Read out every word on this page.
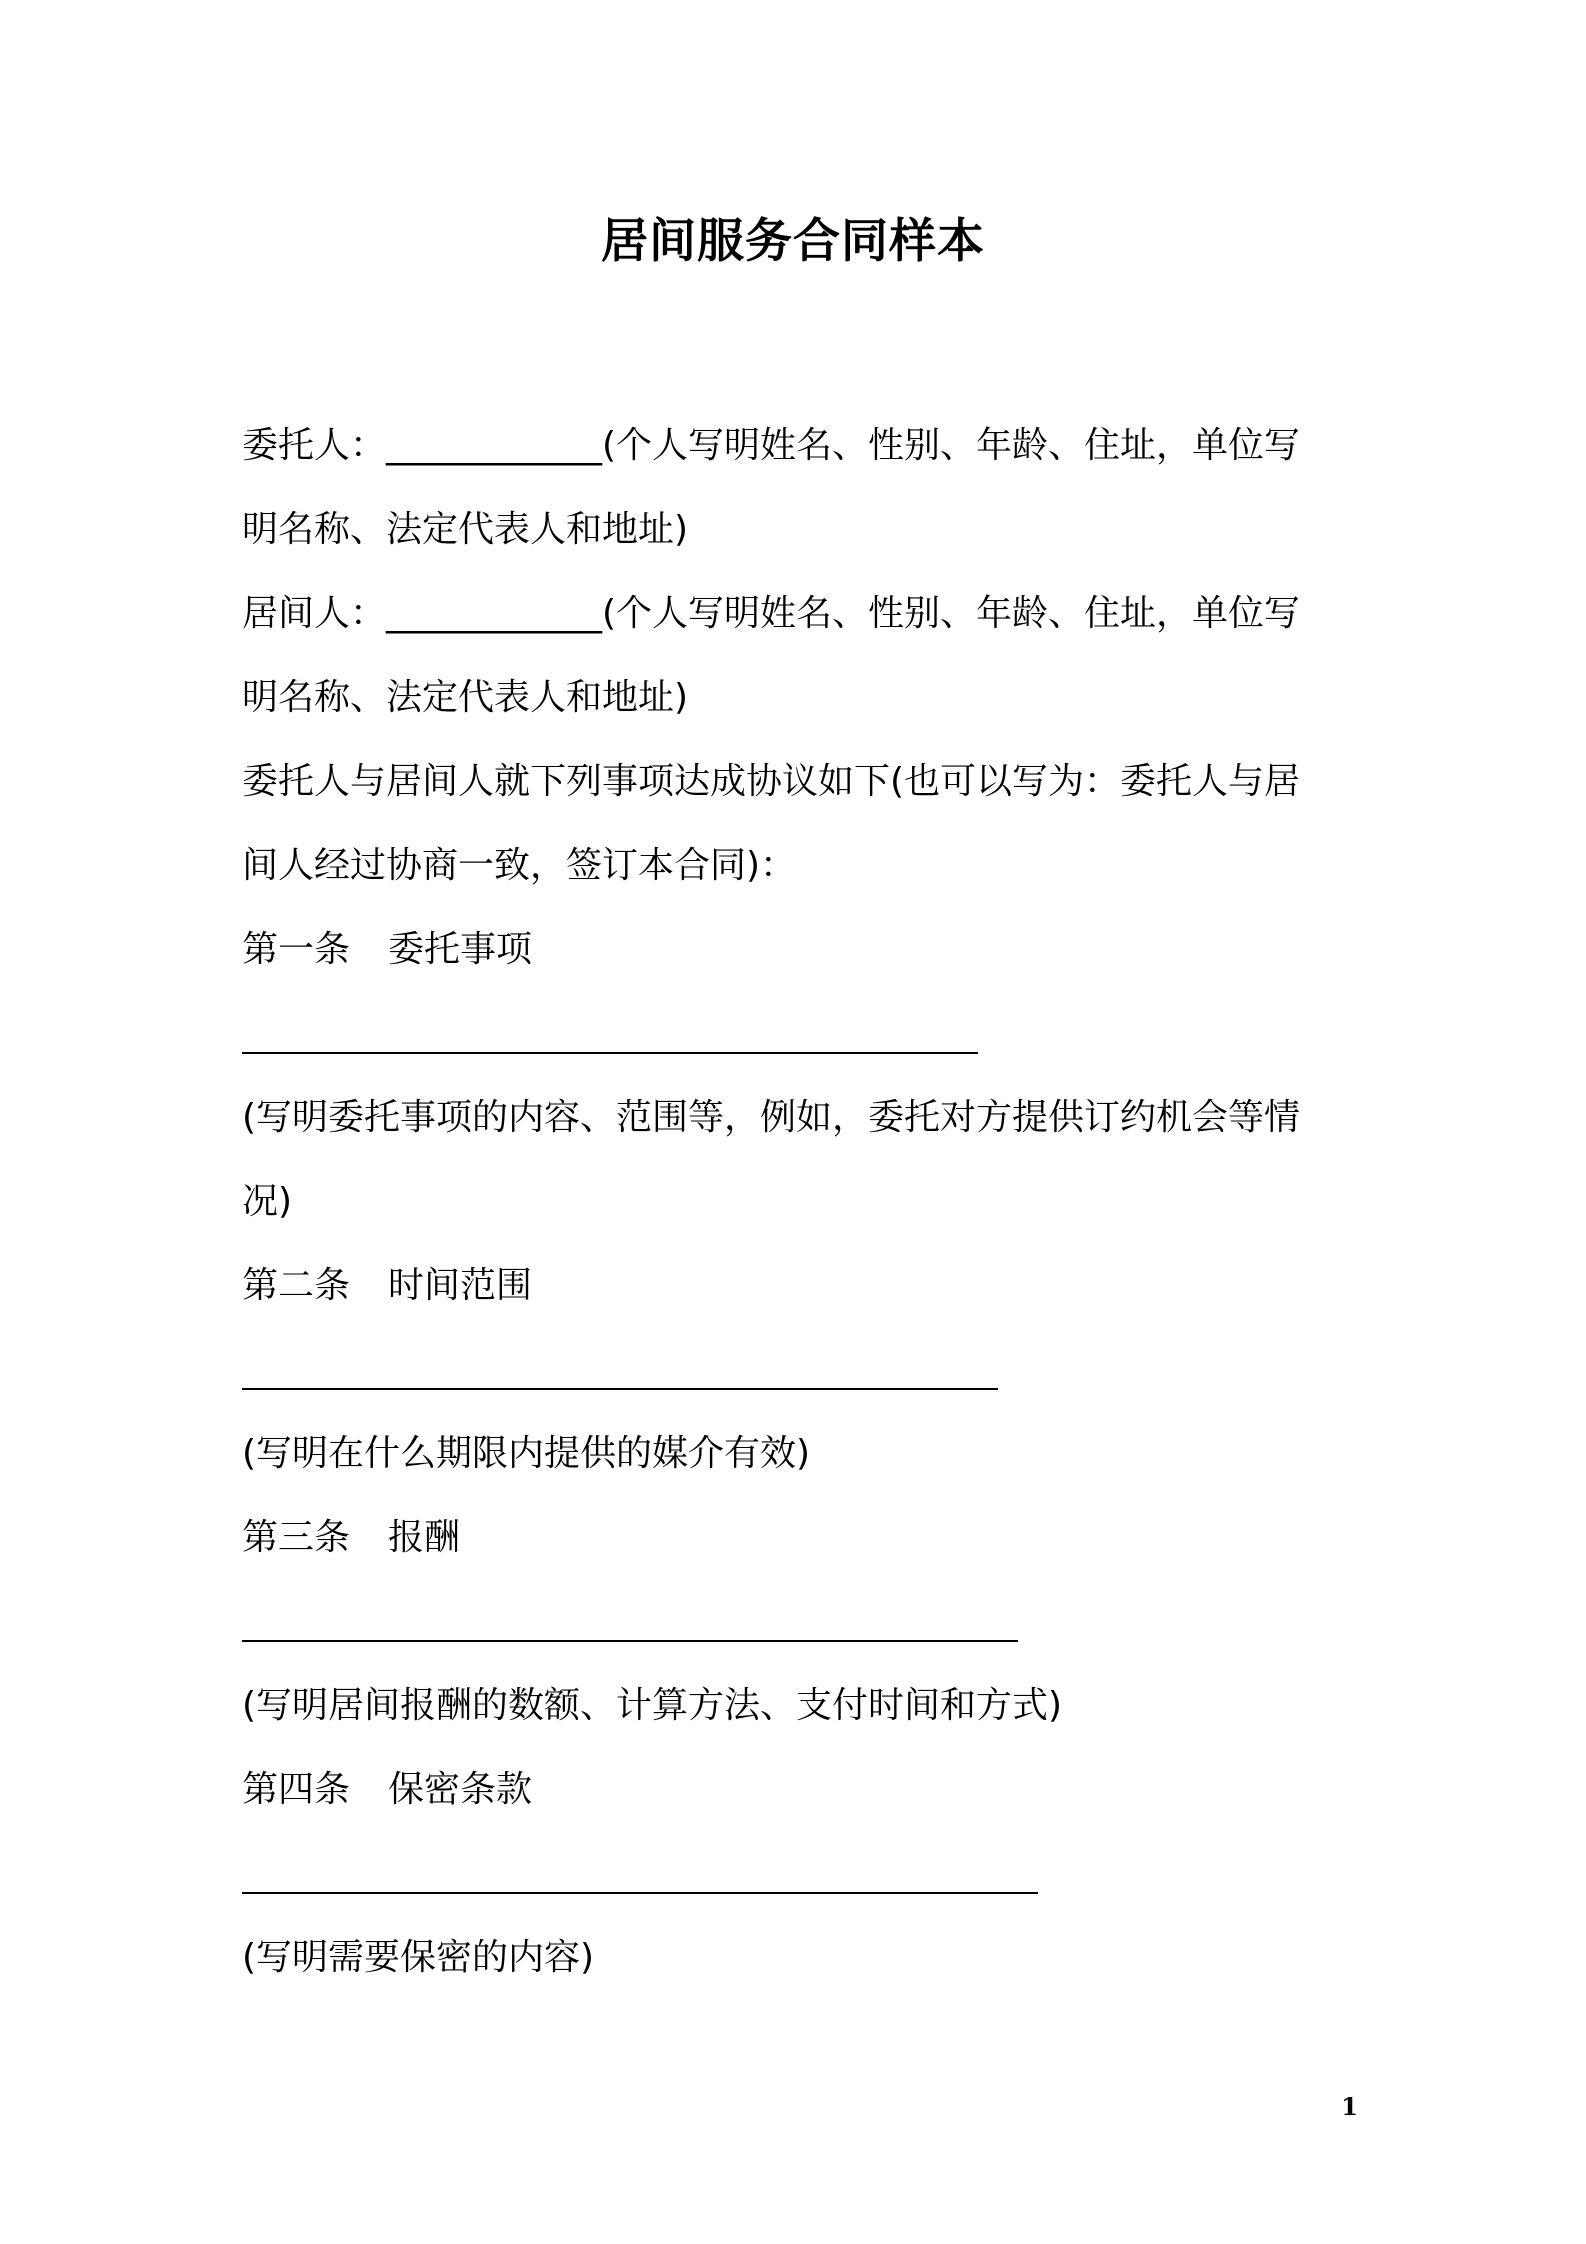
居间服务合同样本
委托人：____________(个人写明姓名、性别、年龄、住址，单位写
明名称、法定代表人和地址)
居间人：____________(个人写明姓名、性别、年龄、住址，单位写
明名称、法定代表人和地址)
委托人与居间人就下列事项达成协议如下(也可以写为：委托人与居
间人经过协商一致，签订本合同)：
第一条 委托事项
(写明委托事项的内容、范围等，例如，委托对方提供订约机会等情
况)
第二条 时间范围
(写明在什么期限内提供的媒介有效)
第三条 报酬
(写明居间报酬的数额、计算方法、支付时间和方式)
第四条 保密条款
(写明需要保密的内容)
1
